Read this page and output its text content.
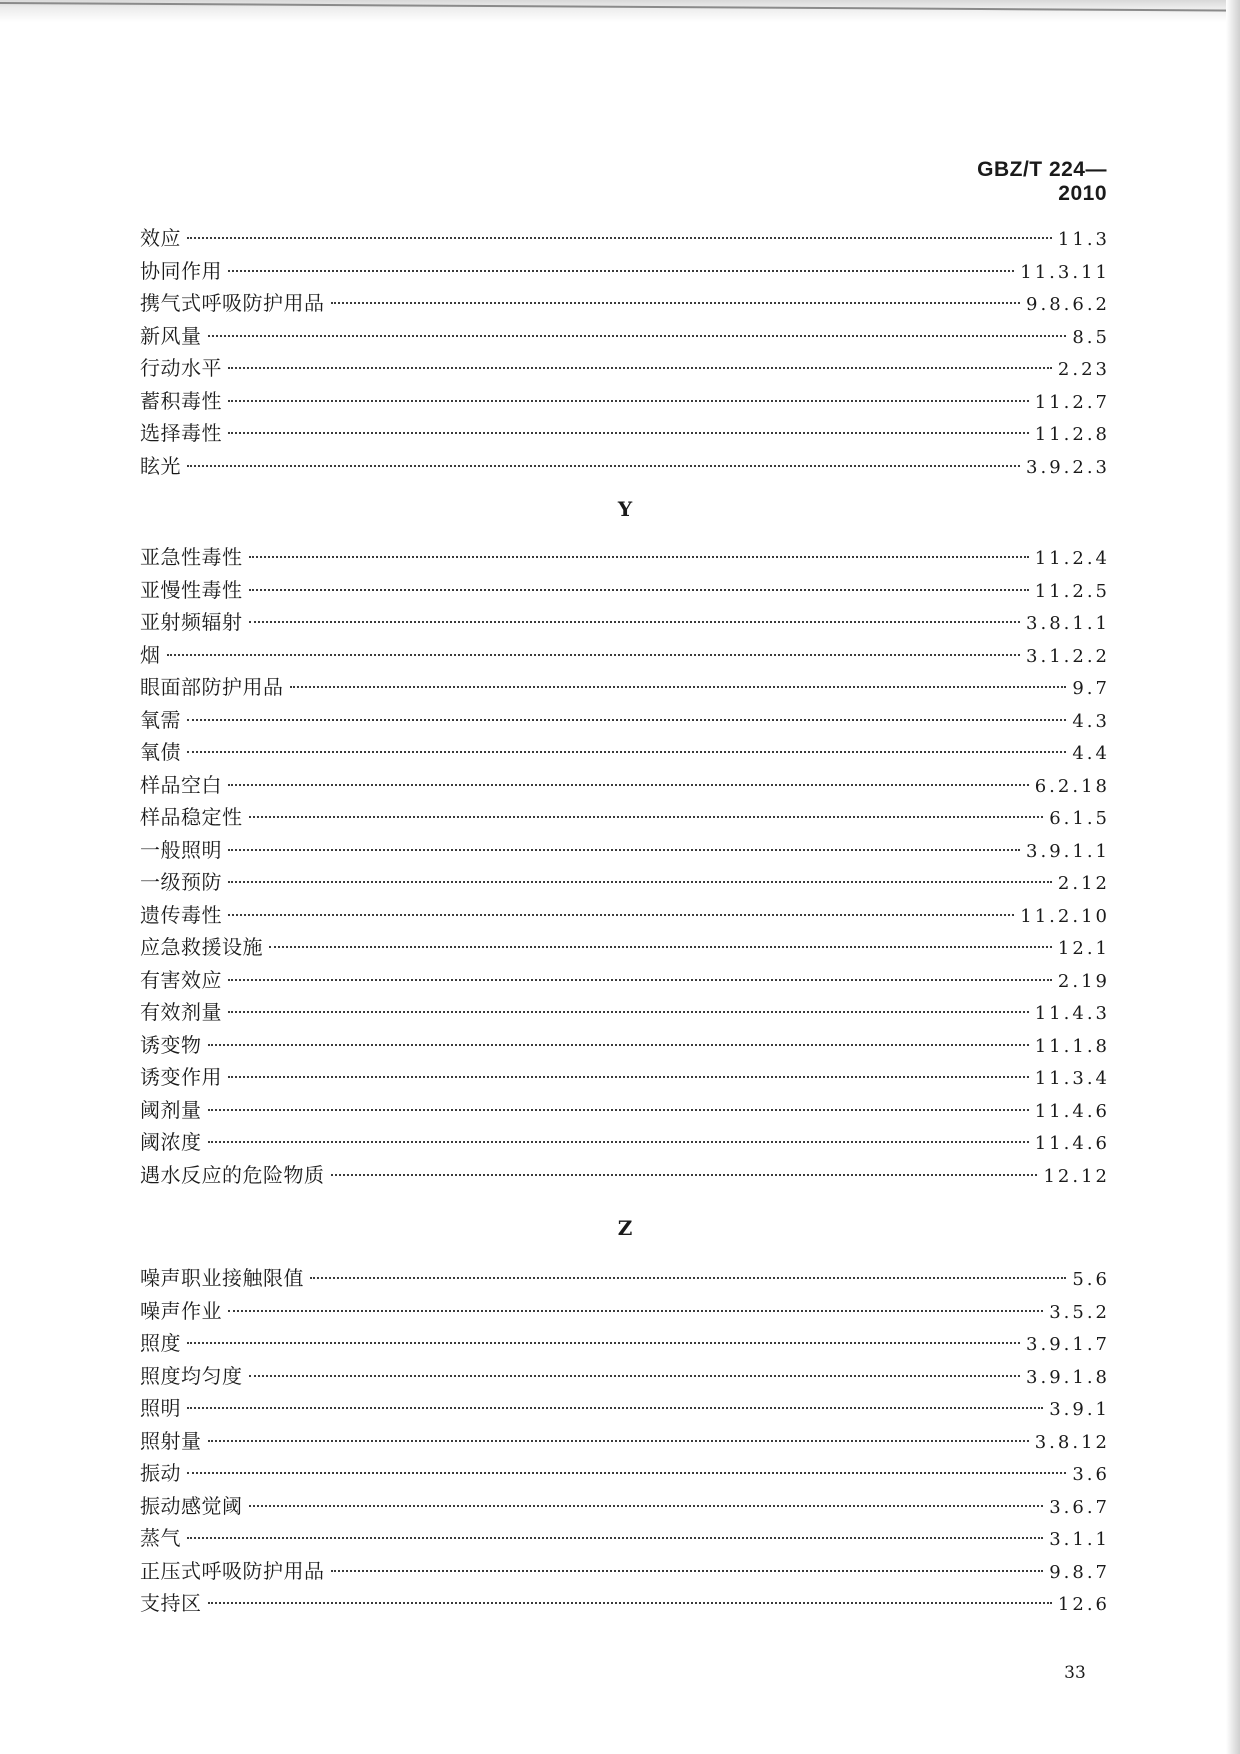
GBZ/T 224—2010
效应	11.3
协同作用	11.3.11
携气式呼吸防护用品	9.8.6.2
新风量	8.5
行动水平	2.23
蓄积毒性	11.2.7
选择毒性	11.2.8
眩光	3.9.2.3
Y
亚急性毒性	11.2.4
亚慢性毒性	11.2.5
亚射频辐射	3.8.1.1
烟	3.1.2.2
眼面部防护用品	9.7
氧需	4.3
氧债	4.4
样品空白	6.2.18
样品稳定性	6.1.5
一般照明	3.9.1.1
一级预防	2.12
遗传毒性	11.2.10
应急救援设施	12.1
有害效应	2.19
有效剂量	11.4.3
诱变物	11.1.8
诱变作用	11.3.4
阈剂量	11.4.6
阈浓度	11.4.6
遇水反应的危险物质	12.12
Z
噪声职业接触限值	5.6
噪声作业	3.5.2
照度	3.9.1.7
照度均匀度	3.9.1.8
照明	3.9.1
照射量	3.8.12
振动	3.6
振动感觉阈	3.6.7
蒸气	3.1.1
正压式呼吸防护用品	9.8.7
支持区	12.6
33
